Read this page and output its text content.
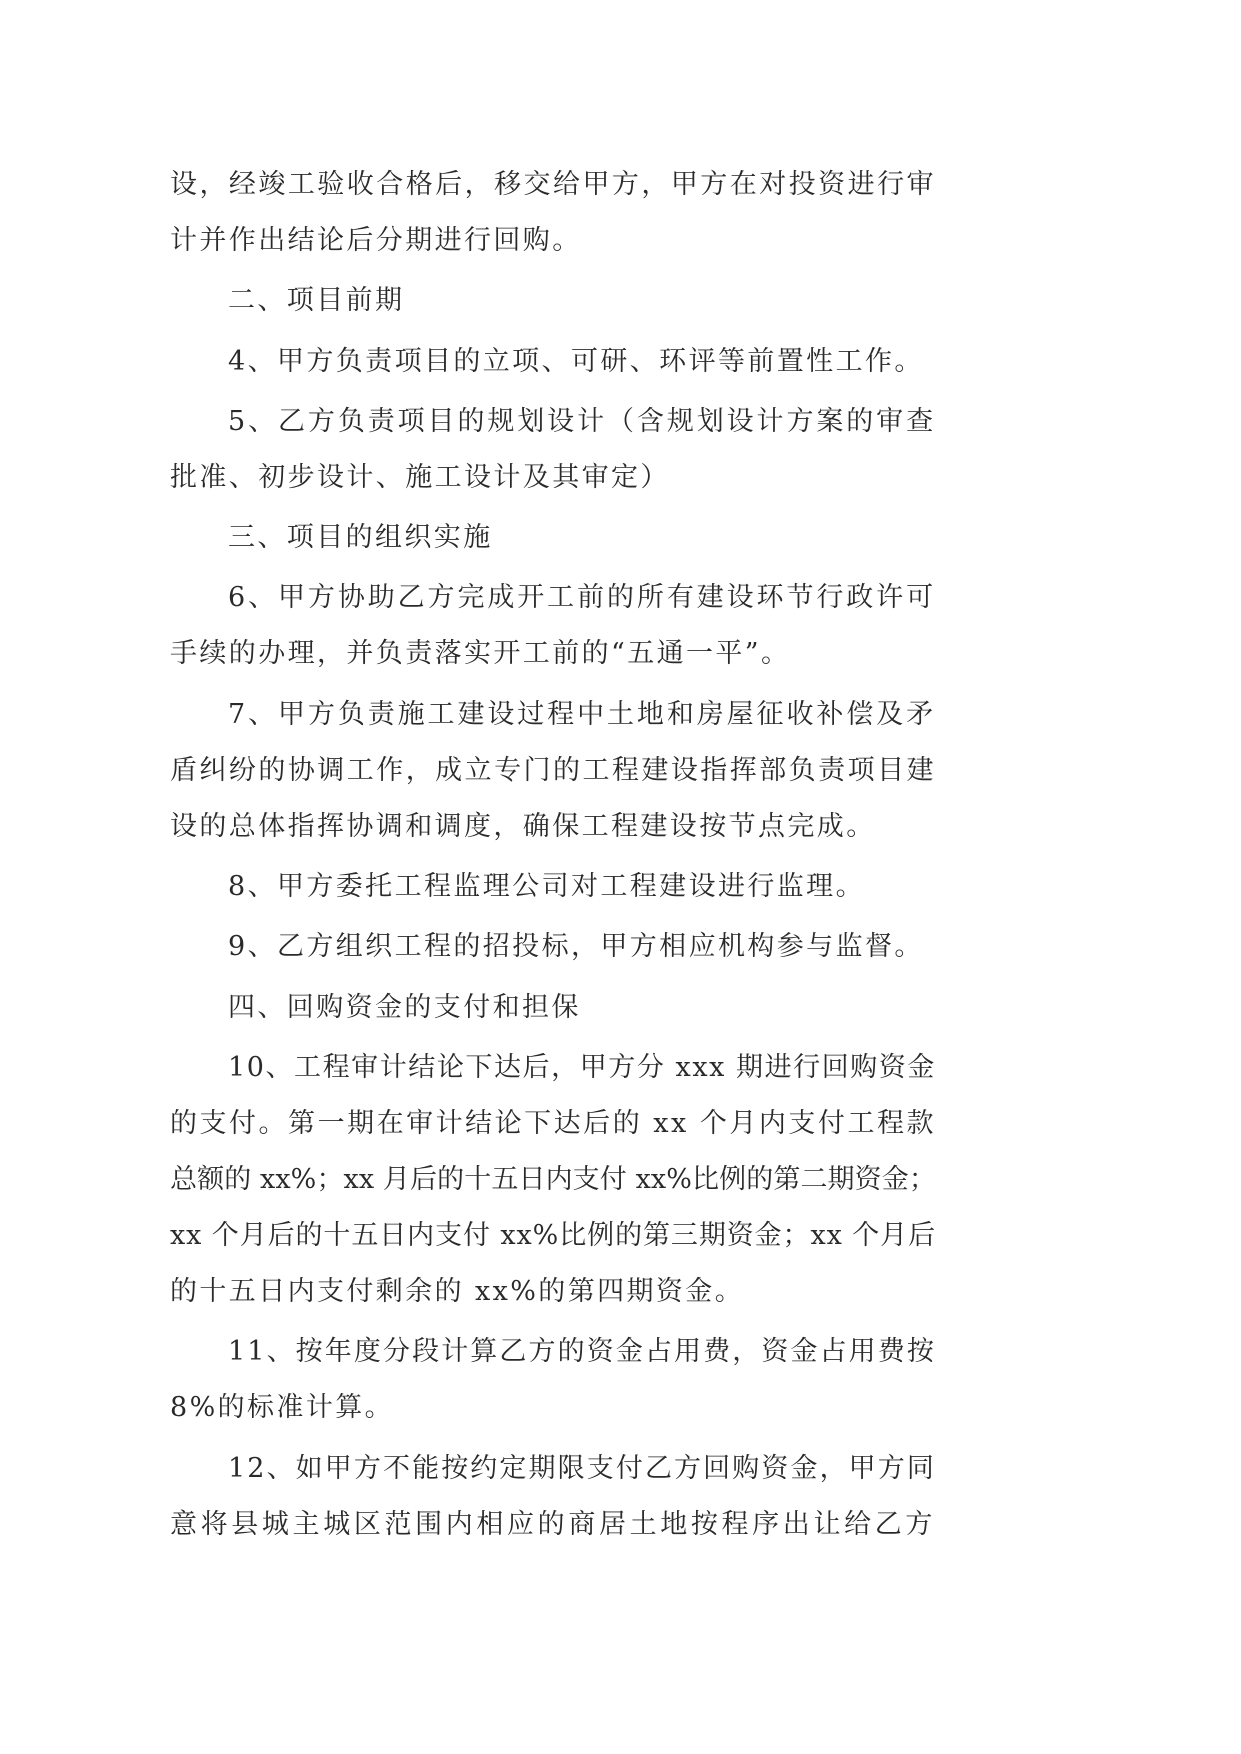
设，经竣工验收合格后，移交给甲方，甲方在对投资进行审
计并作出结论后分期进行回购。

二、项目前期

4、甲方负责项目的立项、可研、环评等前置性工作。

5、乙方负责项目的规划设计（含规划设计方案的审查
批准、初步设计、施工设计及其审定）

三、项目的组织实施

6、甲方协助乙方完成开工前的所有建设环节行政许可
手续的办理，并负责落实开工前的“五通一平”。

7、甲方负责施工建设过程中土地和房屋征收补偿及矛
盾纠纷的协调工作，成立专门的工程建设指挥部负责项目建
设的总体指挥协调和调度，确保工程建设按节点完成。

8、甲方委托工程监理公司对工程建设进行监理。

9、乙方组织工程的招投标，甲方相应机构参与监督。

四、回购资金的支付和担保

10、工程审计结论下达后，甲方分 xxx 期进行回购资金
的支付。第一期在审计结论下达后的 xx 个月内支付工程款
总额的 xx%；xx 月后的十五日内支付 xx%比例的第二期资金；
xx 个月后的十五日内支付 xx%比例的第三期资金；xx 个月后
的十五日内支付剩余的 xx%的第四期资金。

11、按年度分段计算乙方的资金占用费，资金占用费按
8%的标准计算。

12、如甲方不能按约定期限支付乙方回购资金，甲方同
意将县城主城区范围内相应的商居土地按程序出让给乙方
